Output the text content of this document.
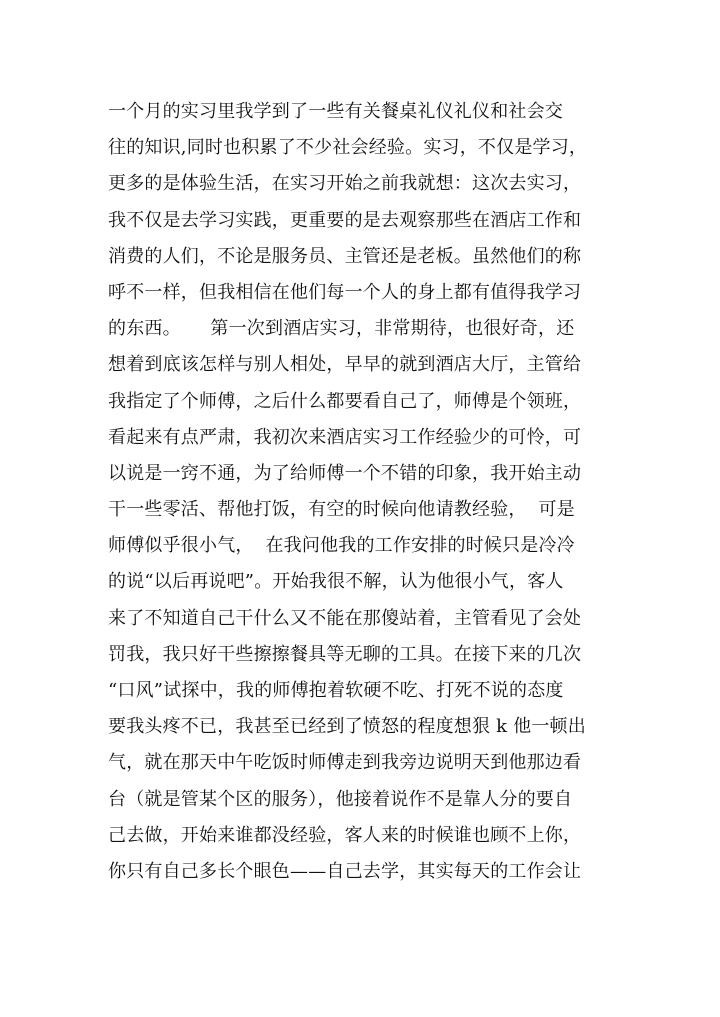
一个月的实习里我学到了一些有关餐桌礼仪礼仪和社会交
往的知识,同时也积累了不少社会经验。实习，不仅是学习，
更多的是体验生活，在实习开始之前我就想：这次去实习，
我不仅是去学习实践，更重要的是去观察那些在酒店工作和
消费的人们，不论是服务员、主管还是老板。虽然他们的称
呼不一样，但我相信在他们每一个人的身上都有值得我学习
的东西。     第一次到酒店实习，非常期待，也很好奇，还
想着到底该怎样与别人相处，早早的就到酒店大厅，主管给
我指定了个师傅，之后什么都要看自己了，师傅是个领班，
看起来有点严肃，我初次来酒店实习工作经验少的可怜，可
以说是一窍不通，为了给师傅一个不错的印象，我开始主动
干一些零活、帮他打饭，有空的时候向他请教经验，  可是
师傅似乎很小气，  在我问他我的工作安排的时候只是冷冷
的说“以后再说吧”。开始我很不解，认为他很小气，客人
来了不知道自己干什么又不能在那傻站着，主管看见了会处
罚我，我只好干些擦擦餐具等无聊的工具。在接下来的几次
“口风”试探中，我的师傅抱着软硬不吃、打死不说的态度
要我头疼不已，我甚至已经到了愤怒的程度想狠 k 他一顿出
气，就在那天中午吃饭时师傅走到我旁边说明天到他那边看
台（就是管某个区的服务），他接着说作不是靠人分的要自
己去做，开始来谁都没经验，客人来的时候谁也顾不上你，
你只有自己多长个眼色——自己去学，其实每天的工作会让
